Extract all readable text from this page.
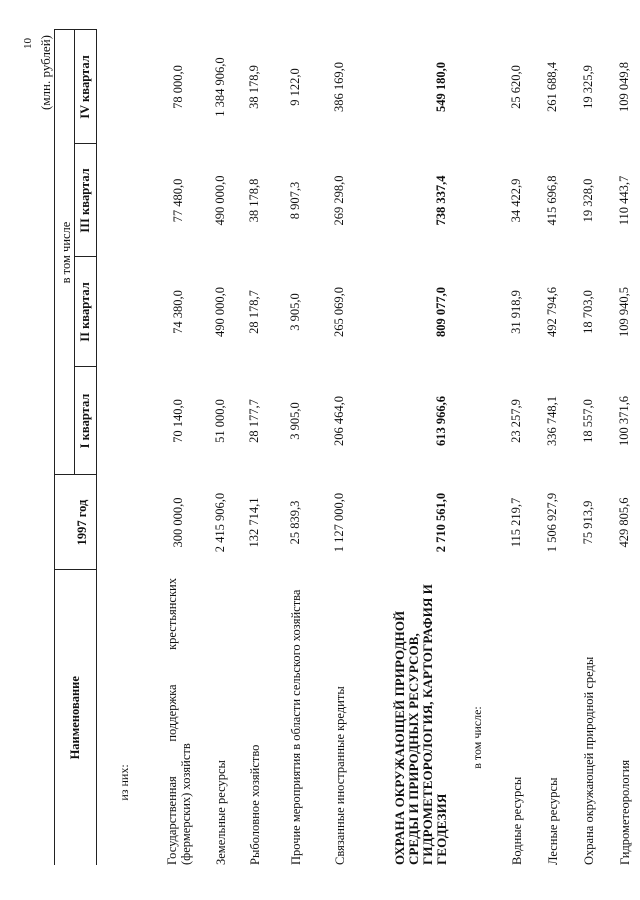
10 (млн. рублей)
Наименование	1997 год	в том числе			
		I квартал	II квартал	III квартал	IV квартал
из них:					

Государственная поддержка крестьянских (фермерских) хозяйств	300 000,0	70 140,0	74 380,0	77 480,0	78 000,0
Земельные ресурсы	2 415 906,0	51 000,0	490 000,0	490 000,0	1 384 906,0
Рыболовное хозяйство	132 714,1	28 177,7	28 178,7	38 178,8	38 178,9
Прочие мероприятия в области сельского хозяйства	25 839,3	3 905,0	3 905,0	8 907,3	9 122,0
Связанные иностранные кредиты	1 127 000,0	206 464,0	265 069,0	269 298,0	386 169,0

ОХРАНА ОКРУЖАЮЩЕЙ ПРИРОДНОЙ СРЕДЫ И ПРИРОДНЫХ РЕСУРСОВ, ГИДРОМЕТЕОРОЛОГИЯ, КАРТОГРАФИЯ И ГЕОДЕЗИЯ	2 710 561,0	613 966,6	809 077,0	738 337,4	549 180,0
в том числе:					
Водные ресурсы	115 219,7	23 257,9	31 918,9	34 422,9	25 620,0
Лесные ресурсы	1 506 927,9	336 748,1	492 794,6	415 696,8	261 688,4
Охрана окружающей природной среды	75 913,9	18 557,0	18 703,0	19 328,0	19 325,9
Гидрометеорология	429 805,6	100 371,6	109 940,5	110 443,7	109 049,8
